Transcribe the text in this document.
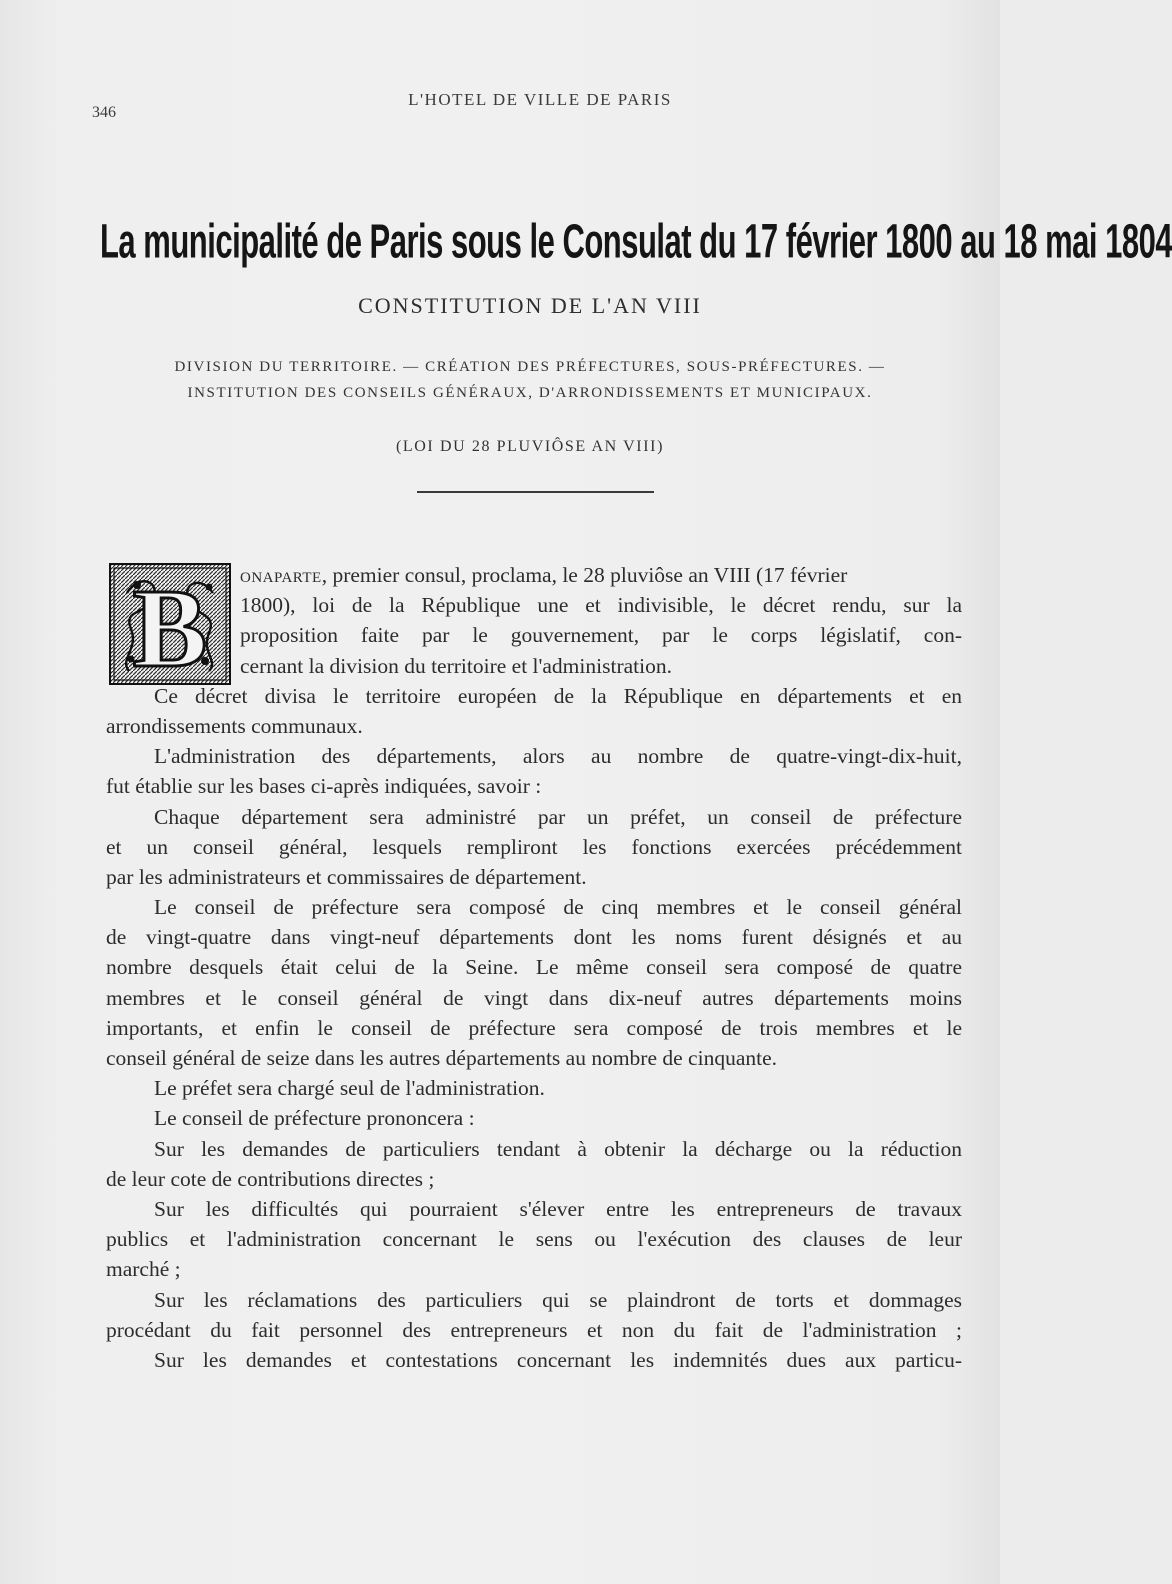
346
L'HOTEL DE VILLE DE PARIS
La municipalité de Paris sous le Consulat du 17 février 1800 au 18 mai 1804
CONSTITUTION DE L'AN VIII
DIVISION DU TERRITOIRE. — CRÉATION DES PRÉFECTURES, SOUS-PRÉFECTURES. —
INSTITUTION DES CONSEILS GÉNÉRAUX, D'ARRONDISSEMENTS ET MUNICIPAUX.
(LOI DU 28 PLUVIÔSE AN VIII)
B	onaparte, premier consul, proclama, le 28 pluviôse an VIII (17 février
1800), loi de la République une et indivisible, le décret rendu, sur la
proposition faite par le gouvernement, par le corps législatif, con-
cernant la division du territoire et l'administration.
Ce décret divisa le territoire européen de la République en départements et en
arrondissements communaux.
L'administration des départements, alors au nombre de quatre-vingt-dix-huit,
fut établie sur les bases ci-après indiquées, savoir :
Chaque département sera administré par un préfet, un conseil de préfecture
et un conseil général, lesquels rempliront les fonctions exercées précédemment
par les administrateurs et commissaires de département.
Le conseil de préfecture sera composé de cinq membres et le conseil général
de vingt-quatre dans vingt-neuf départements dont les noms furent désignés et au
nombre desquels était celui de la Seine. Le même conseil sera composé de quatre
membres et le conseil général de vingt dans dix-neuf autres départements moins
importants, et enfin le conseil de préfecture sera composé de trois membres et le
conseil général de seize dans les autres départements au nombre de cinquante.
Le préfet sera chargé seul de l'administration.
Le conseil de préfecture prononcera :
Sur les demandes de particuliers tendant à obtenir la décharge ou la réduction
de leur cote de contributions directes ;
Sur les difficultés qui pourraient s'élever entre les entrepreneurs de travaux
publics et l'administration concernant le sens ou l'exécution des clauses de leur
marché ;
Sur les réclamations des particuliers qui se plaindront de torts et dommages
procédant du fait personnel des entrepreneurs et non du fait de l'administration ;
Sur les demandes et contestations concernant les indemnités dues aux particu-
